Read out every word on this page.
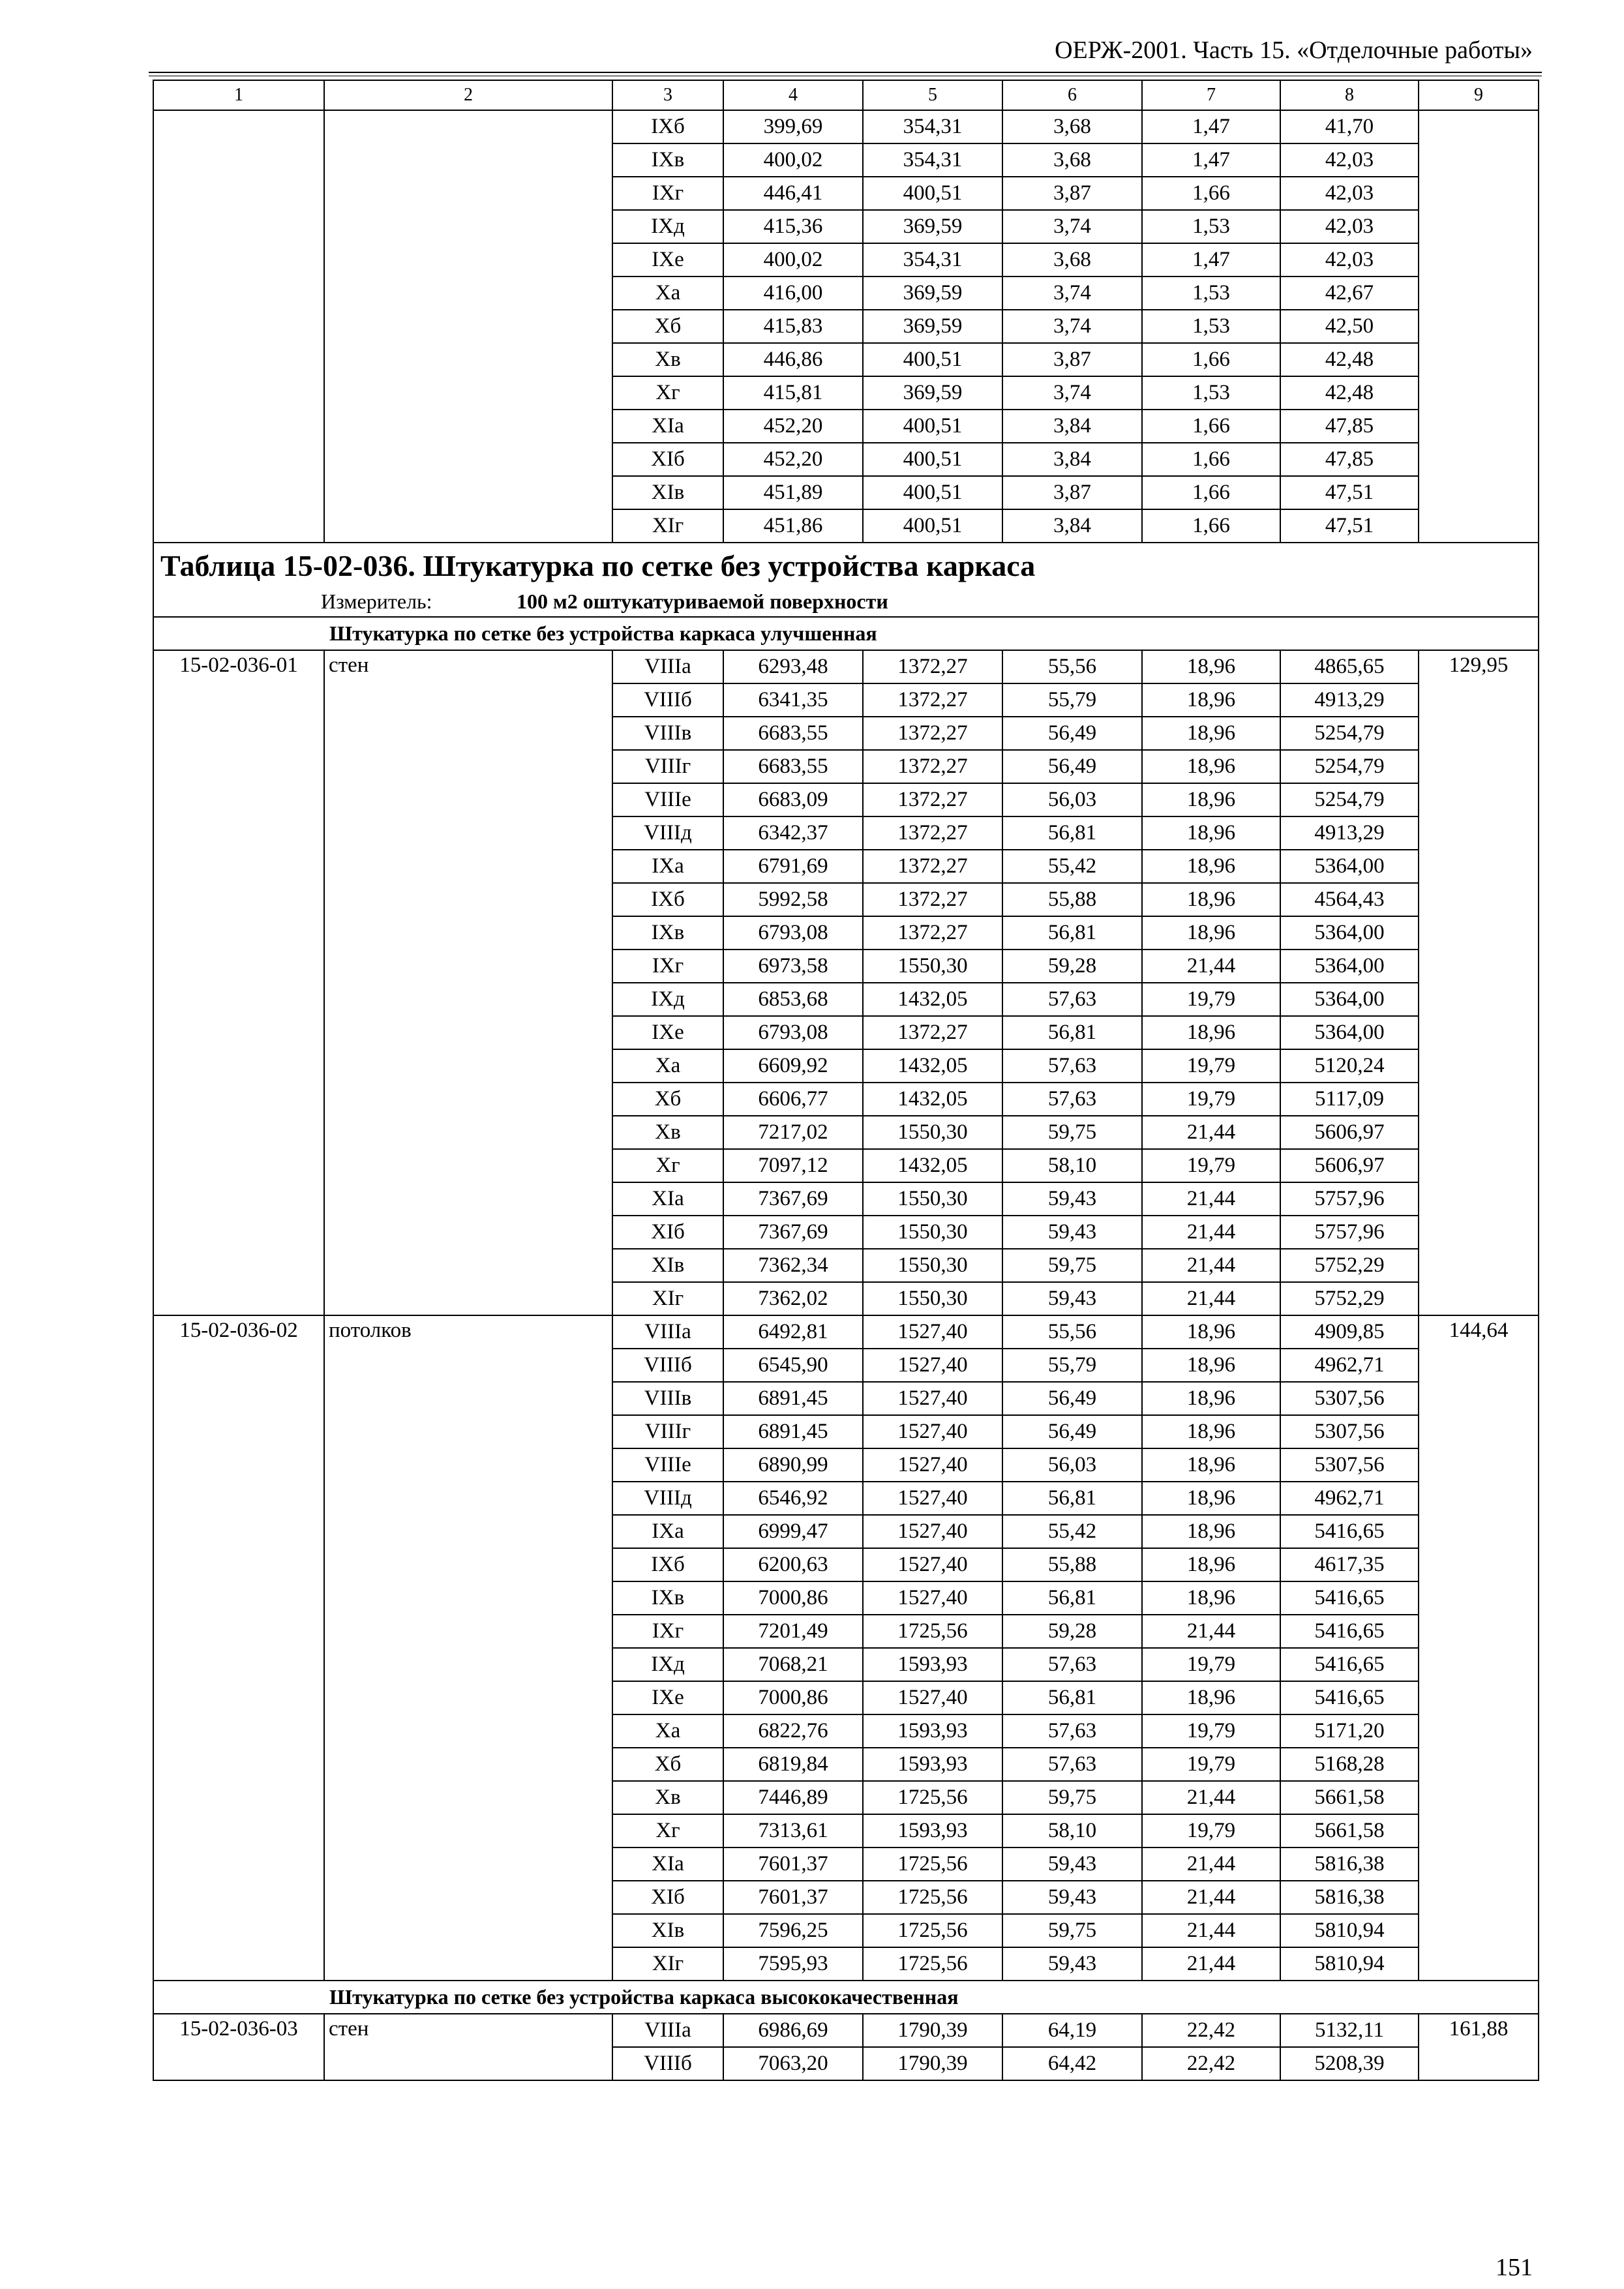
ОЕРЖ-2001. Часть 15. «Отделочные работы»
1	2	3	4	5	6	7	8	9
		IXб	399,69	354,31	3,68	1,47	41,70	
		IXв	400,02	354,31	3,68	1,47	42,03	
		IXг	446,41	400,51	3,87	1,66	42,03	
		IXд	415,36	369,59	3,74	1,53	42,03	
		IXе	400,02	354,31	3,68	1,47	42,03	
		Xа	416,00	369,59	3,74	1,53	42,67	
		Xб	415,83	369,59	3,74	1,53	42,50	
		Xв	446,86	400,51	3,87	1,66	42,48	
		Xг	415,81	369,59	3,74	1,53	42,48	
		XIа	452,20	400,51	3,84	1,66	47,85	
		XIб	452,20	400,51	3,84	1,66	47,85	
		XIв	451,89	400,51	3,87	1,66	47,51	
		XIг	451,86	400,51	3,84	1,66	47,51	
Таблица 15-02-036. Штукатурка по сетке без устройства каркаса								
Измеритель: 100 м2 оштукатуриваемой поверхности								
	Штукатурка по сетке без устройства каркаса улучшенная							
15-02-036-01	стен	VIIIа	6293,48	1372,27	55,56	18,96	4865,65	129,95
		VIIIб	6341,35	1372,27	55,79	18,96	4913,29	
		VIIIв	6683,55	1372,27	56,49	18,96	5254,79	
		VIIIг	6683,55	1372,27	56,49	18,96	5254,79	
		VIIIе	6683,09	1372,27	56,03	18,96	5254,79	
		VIIIд	6342,37	1372,27	56,81	18,96	4913,29	
		IXа	6791,69	1372,27	55,42	18,96	5364,00	
		IXб	5992,58	1372,27	55,88	18,96	4564,43	
		IXв	6793,08	1372,27	56,81	18,96	5364,00	
		IXг	6973,58	1550,30	59,28	21,44	5364,00	
		IXд	6853,68	1432,05	57,63	19,79	5364,00	
		IXе	6793,08	1372,27	56,81	18,96	5364,00	
		Xа	6609,92	1432,05	57,63	19,79	5120,24	
		Xб	6606,77	1432,05	57,63	19,79	5117,09	
		Xв	7217,02	1550,30	59,75	21,44	5606,97	
		Xг	7097,12	1432,05	58,10	19,79	5606,97	
		XIа	7367,69	1550,30	59,43	21,44	5757,96	
		XIб	7367,69	1550,30	59,43	21,44	5757,96	
		XIв	7362,34	1550,30	59,75	21,44	5752,29	
		XIг	7362,02	1550,30	59,43	21,44	5752,29	
15-02-036-02	потолков	VIIIа	6492,81	1527,40	55,56	18,96	4909,85	144,64
		VIIIб	6545,90	1527,40	55,79	18,96	4962,71	
		VIIIв	6891,45	1527,40	56,49	18,96	5307,56	
		VIIIг	6891,45	1527,40	56,49	18,96	5307,56	
		VIIIе	6890,99	1527,40	56,03	18,96	5307,56	
		VIIIд	6546,92	1527,40	56,81	18,96	4962,71	
		IXа	6999,47	1527,40	55,42	18,96	5416,65	
		IXб	6200,63	1527,40	55,88	18,96	4617,35	
		IXв	7000,86	1527,40	56,81	18,96	5416,65	
		IXг	7201,49	1725,56	59,28	21,44	5416,65	
		IXд	7068,21	1593,93	57,63	19,79	5416,65	
		IXе	7000,86	1527,40	56,81	18,96	5416,65	
		Xа	6822,76	1593,93	57,63	19,79	5171,20	
		Xб	6819,84	1593,93	57,63	19,79	5168,28	
		Xв	7446,89	1725,56	59,75	21,44	5661,58	
		Xг	7313,61	1593,93	58,10	19,79	5661,58	
		XIа	7601,37	1725,56	59,43	21,44	5816,38	
		XIб	7601,37	1725,56	59,43	21,44	5816,38	
		XIв	7596,25	1725,56	59,75	21,44	5810,94	
		XIг	7595,93	1725,56	59,43	21,44	5810,94	
	Штукатурка по сетке без устройства каркаса высококачественная							
15-02-036-03	стен	VIIIа	6986,69	1790,39	64,19	22,42	5132,11	161,88
		VIIIб	7063,20	1790,39	64,42	22,42	5208,39	
151
